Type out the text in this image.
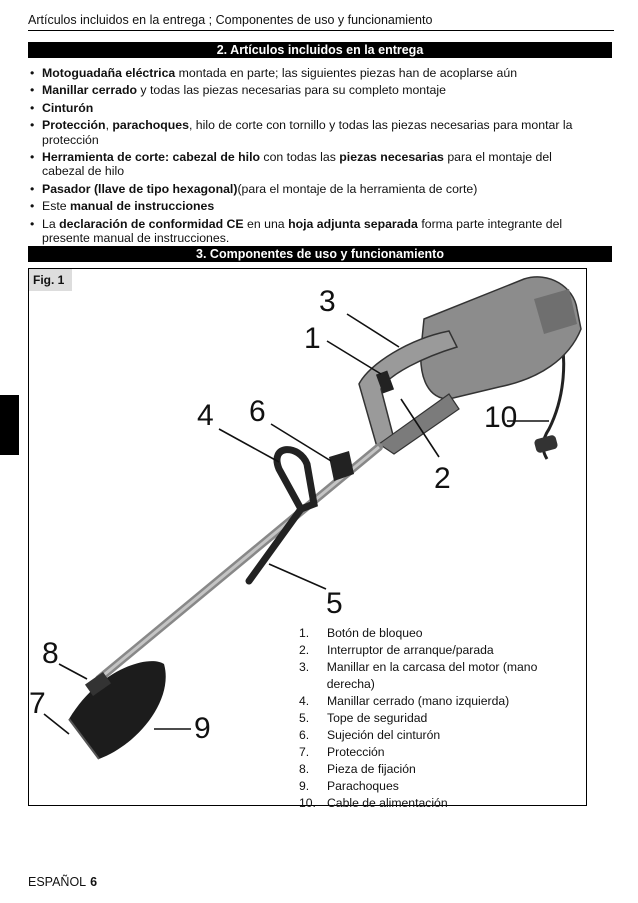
Artículos incluidos en la entrega ; Componentes de uso y funcionamiento
2. Artículos incluidos en la entrega
• Motoguadaña eléctrica montada en parte; las siguientes piezas han de acoplarse aún
• Manillar cerrado y todas las piezas necesarias para su completo montaje
• Cinturón
• Protección, parachoques, hilo de corte con tornillo y todas las piezas necesarias para montar la protección
• Herramienta de corte: cabezal de hilo con todas las piezas necesarias para el montaje del cabezal de hilo
• Pasador (llave de tipo hexagonal)(para el montaje de la herramienta de corte)
• Este manual de instrucciones
• La declaración de conformidad CE en una hoja adjunta separada forma parte integrante del presente manual de instrucciones.
3. Componentes de uso y funcionamiento
Fig. 1
3
1
4 6	10
2
5
8
7
9
1.	Botón de bloqueo
2.	Interruptor de arranque/parada
3.	Manillar en la carcasa del motor (mano derecha)
4.	Manillar cerrado (mano izquierda)
5.	Tope de seguridad
6.	Sujeción del cinturón
7.	Protección
8.	Pieza de fijación
9.	Parachoques
10. Cable de alimentación
ESPAÑOL 6
